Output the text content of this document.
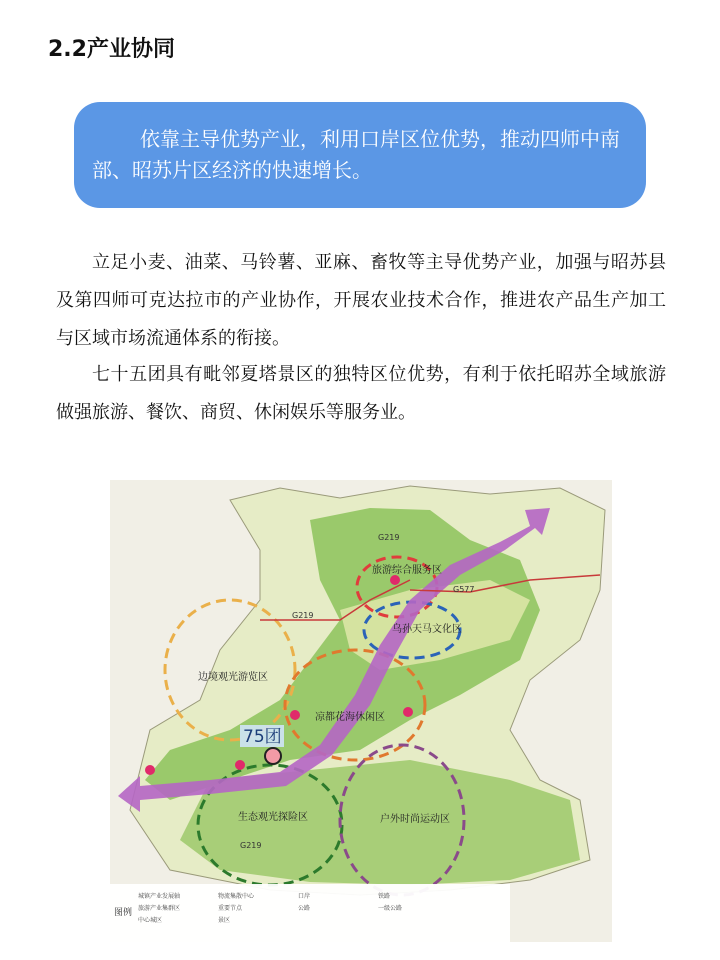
2.2产业协同
依靠主导优势产业，利用口岸区位优势，推动四师中南部、昭苏片区经济的快速增长。
立足小麦、油菜、马铃薯、亚麻、畜牧等主导优势产业，加强与昭苏县及第四师可克达拉市的产业协作，开展农业技术合作，推进农产品生产加工与区域市场流通体系的衔接。
七十五团具有毗邻夏塔景区的独特区位优势，有利于依托昭苏全域旅游做强旅游、餐饮、商贸、休闲娱乐等服务业。
旅游综合服务区
乌孙天马文化区
边境观光游览区
凉都花海休闲区
生态观光探险区	户外时尚运动区
75团
G219
G219
G219
G577
图例
城镇产业发展轴
旅游产业集群区
中心城区
物流集散中心
重要节点
景区
口岸
公路
铁路
一级公路
